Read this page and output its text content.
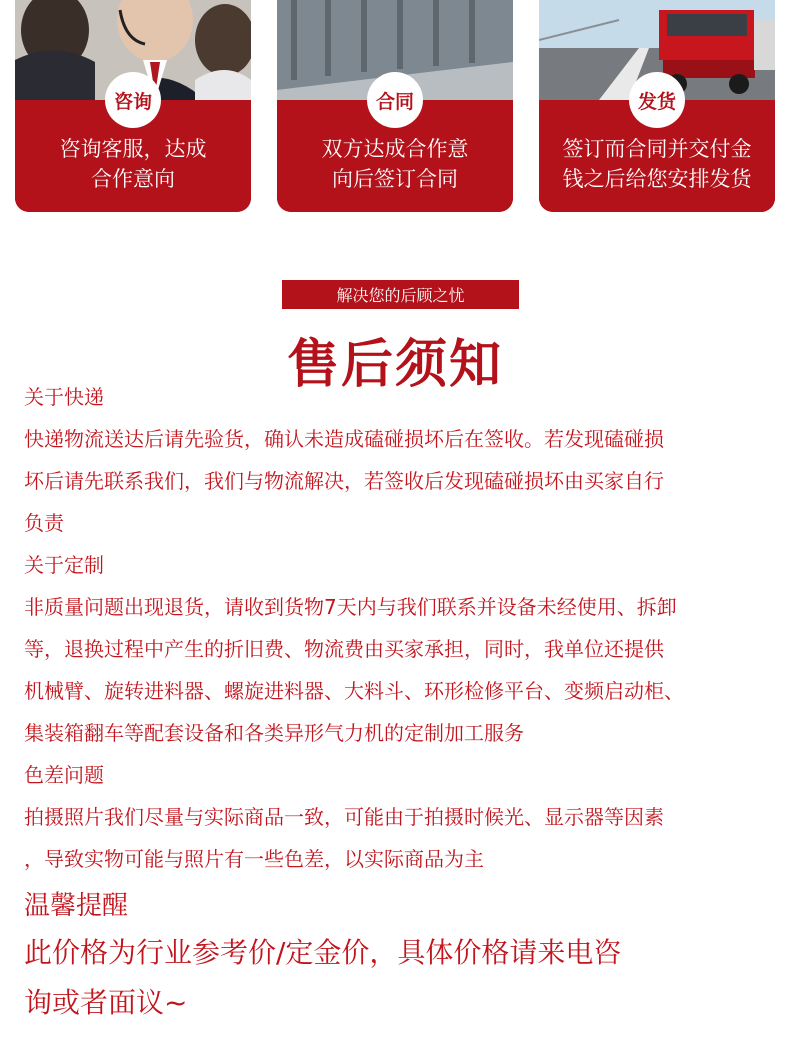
咨询
咨询客服，达成
合作意向
合同
双方达成合作意
向后签订合同
发货
签订而合同并交付金
钱之后给您安排发货
解决您的后顾之忧
售后须知
关于快递
快递物流送达后请先验货，确认未造成磕碰损坏后在签收。若发现磕碰损
坏后请先联系我们，我们与物流解决，若签收后发现磕碰损坏由买家自行
负责
关于定制
非质量问题出现退货，请收到货物7天内与我们联系并设备未经使用、拆卸
等，退换过程中产生的折旧费、物流费由买家承担，同时，我单位还提供
机械臂、旋转进料器、螺旋进料器、大料斗、环形检修平台、变频启动柜、
集装箱翻车等配套设备和各类异形气力机的定制加工服务
色差问题
拍摄照片我们尽量与实际商品一致，可能由于拍摄时候光、显示器等因素
，导致实物可能与照片有一些色差，以实际商品为主
温馨提醒
此价格为行业参考价/定金价，具体价格请来电咨
询或者面议~
